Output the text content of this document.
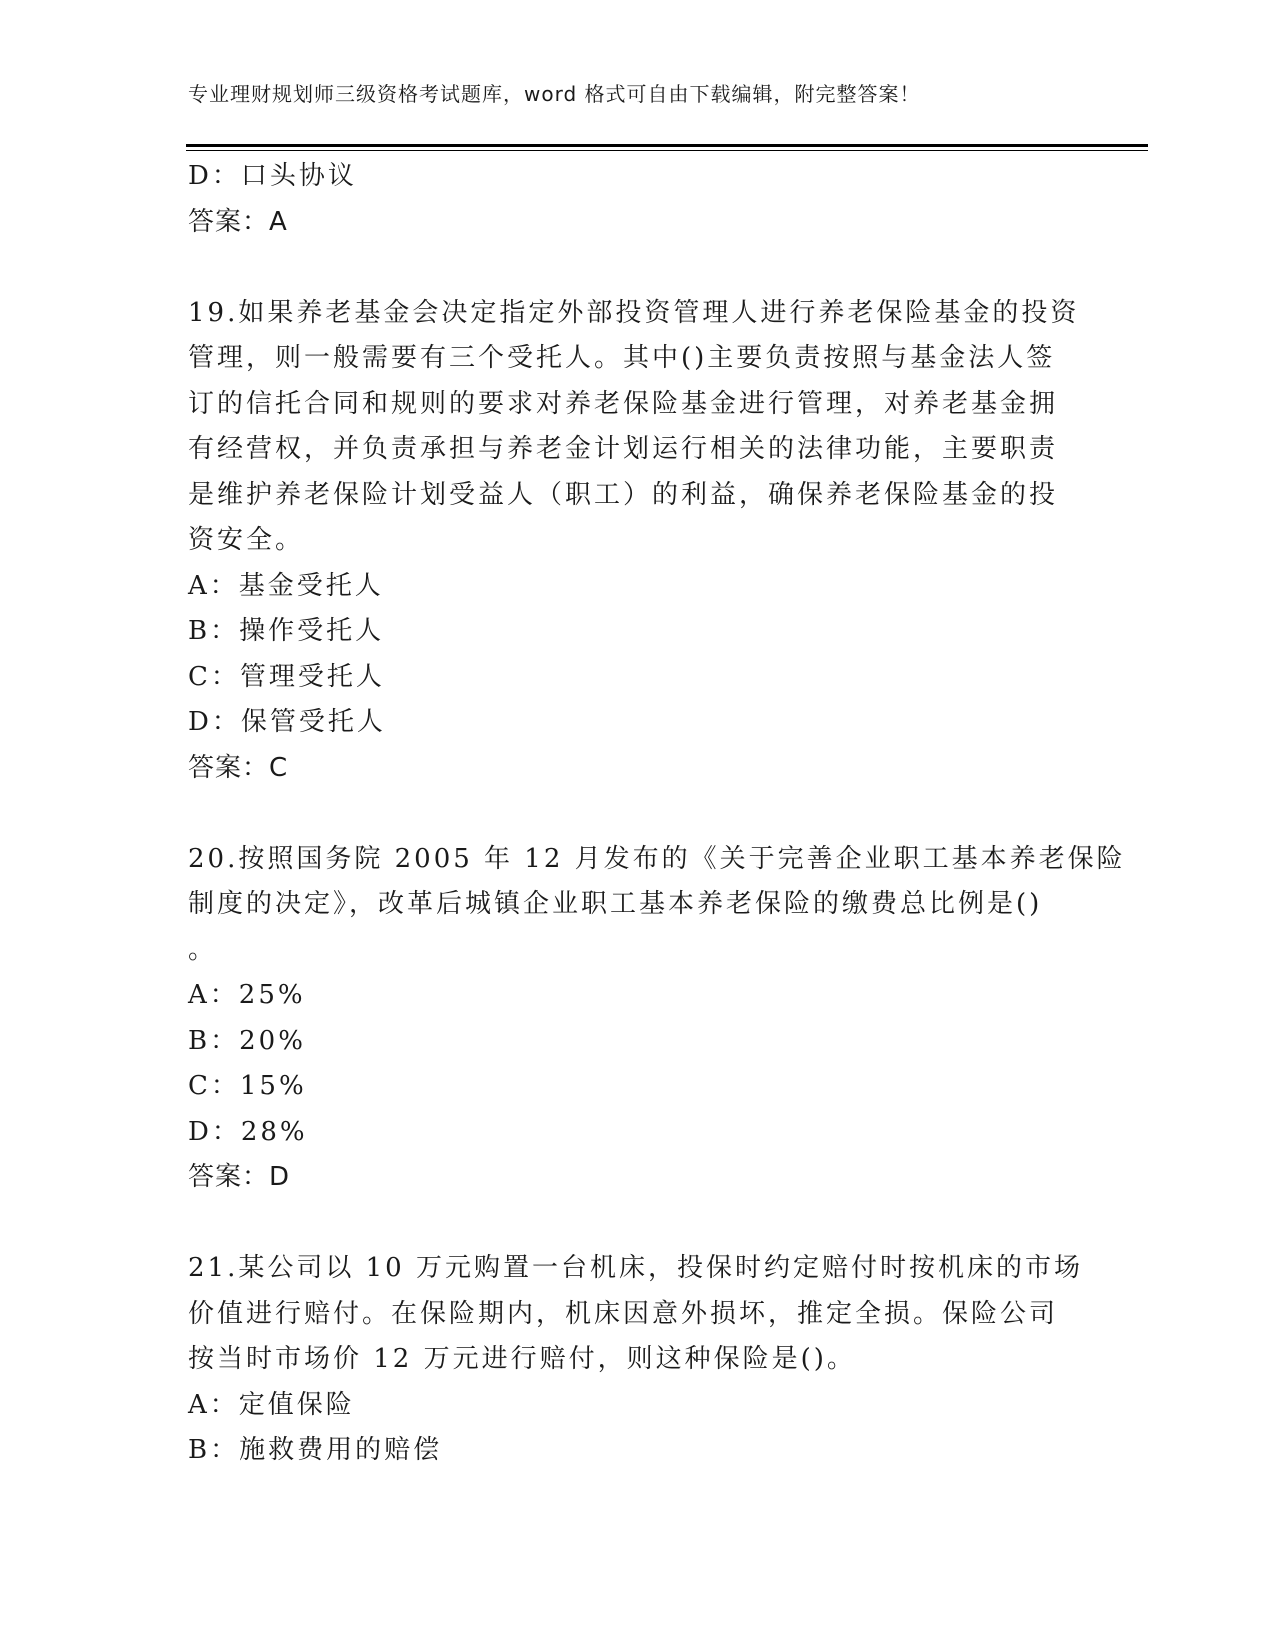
专业理财规划师三级资格考试题库，word 格式可自由下载编辑，附完整答案！
D：口头协议
答案：A
19.如果养老基金会决定指定外部投资管理人进行养老保险基金的投资
管理，则一般需要有三个受托人。其中()主要负责按照与基金法人签
订的信托合同和规则的要求对养老保险基金进行管理，对养老基金拥
有经营权，并负责承担与养老金计划运行相关的法律功能，主要职责
是维护养老保险计划受益人（职工）的利益，确保养老保险基金的投
资安全。
A：基金受托人
B：操作受托人
C：管理受托人
D：保管受托人
答案：C
20.按照国务院 2005 年 12 月发布的《关于完善企业职工基本养老保险
制度的决定》，改革后城镇企业职工基本养老保险的缴费总比例是()
。
A：25%
B：20%
C：15%
D：28%
答案：D
21.某公司以 10 万元购置一台机床，投保时约定赔付时按机床的市场
价值进行赔付。在保险期内，机床因意外损坏，推定全损。保险公司
按当时市场价 12 万元进行赔付，则这种保险是()。
A：定值保险
B：施救费用的赔偿
